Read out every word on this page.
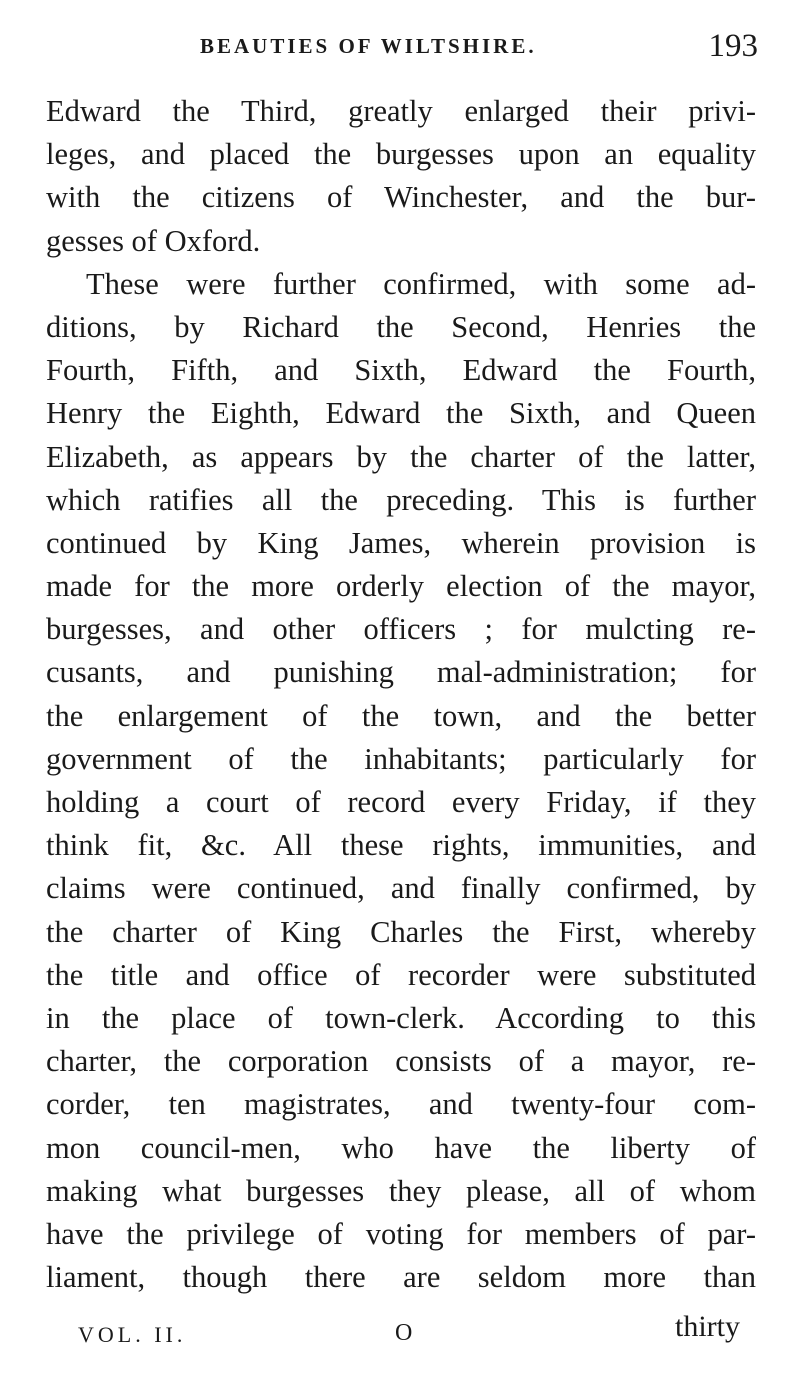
BEAUTIES OF WILTSHIRE.	193
Edward the Third, greatly enlarged their privi-
leges, and placed the burgesses upon an equality
with the citizens of Winchester, and the bur-
gesses of Oxford.
These were further confirmed, with some ad-
ditions, by Richard the Second, Henries the
Fourth, Fifth, and Sixth, Edward the Fourth,
Henry the Eighth, Edward the Sixth, and Queen
Elizabeth, as appears by the charter of the latter,
which ratifies all the preceding. This is further
continued by King James, wherein provision is
made for the more orderly election of the mayor,
burgesses, and other officers ; for mulcting re-
cusants, and punishing mal-administration; for
the enlargement of the town, and the better
government of the inhabitants; particularly for
holding a court of record every Friday, if they
think fit, &c. All these rights, immunities, and
claims were continued, and finally confirmed, by
the charter of King Charles the First, whereby
the title and office of recorder were substituted
in the place of town-clerk. According to this
charter, the corporation consists of a mayor, re-
corder, ten magistrates, and twenty-four com-
mon council-men, who have the liberty of
making what burgesses they please, all of whom
have the privilege of voting for members of par-
liament, though there are seldom more than
VOL. II.	O	thirty
